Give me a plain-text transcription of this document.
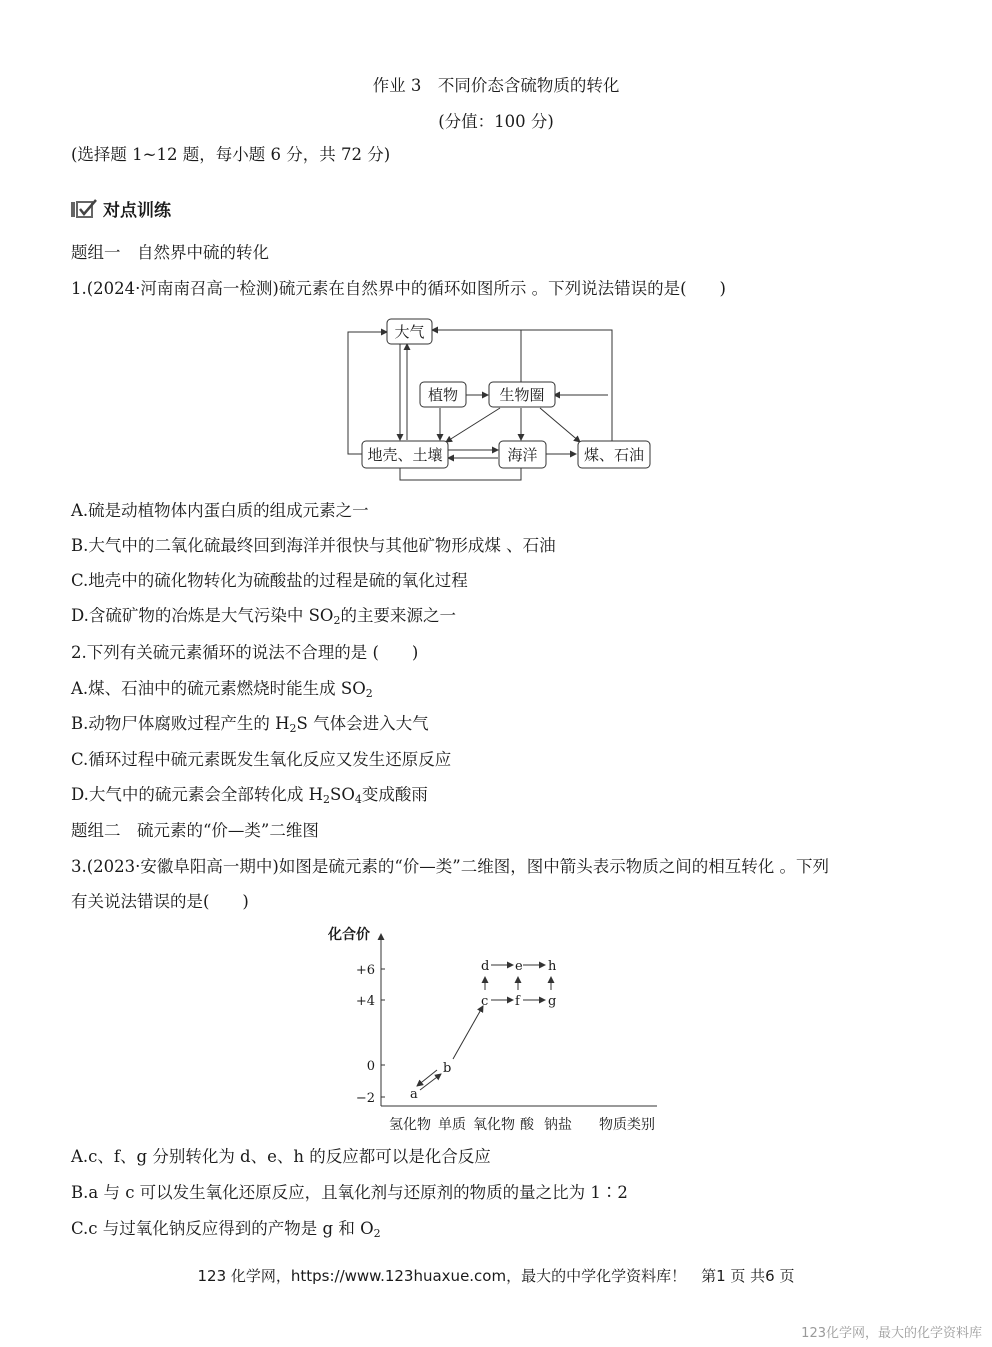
作业 3　不同价态含硫物质的转化
(分值：100 分)
(选择题 1~12 题，每小题 6 分，共 72 分)
对点训练
题组一　自然界中硫的转化
1.(2024·河南南召高一检测)硫元素在自然界中的循环如图所示 。下列说法错误的是(　　)
大气
植物	生物圈
地壳、土壤	海洋	煤、石油
A.硫是动植物体内蛋白质的组成元素之一
B.大气中的二氧化硫最终回到海洋并很快与其他矿物形成煤 、石油
C.地壳中的硫化物转化为硫酸盐的过程是硫的氧化过程
D.含硫矿物的冶炼是大气污染中 $SO_2$的主要来源之一
2.下列有关硫元素循环的说法不合理的是 (　　)
A.煤、石油中的硫元素燃烧时能生成 $SO_2$
B.动物尸体腐败过程产生的 $H_2S$ 气体会进入大气
C.循环过程中硫元素既发生氧化反应又发生还原反应
D.大气中的硫元素会全部转化成 $H_2SO_4$变成酸雨
题组二　硫元素的“价—类”二维图
3.(2023·安徽阜阳高一期中)如图是硫元素的“价—类”二维图，图中箭头表示物质之间的相互转化 。下列
有关说法错误的是(　　)
化合价
+6
+4
0
−2
氢化物 单质 氧化物 酸 钠盐 物质类别
a
b
c
d e
f g
h
A.c、f、g 分别转化为 d、e、h 的反应都可以是化合反应
B.a 与 c 可以发生氧化还原反应，且氧化剂与还原剂的物质的量之比为 1∶2
C.c 与过氧化钠反应得到的产物是 g 和 $O_2$
123 化学网，https://www.123huaxue.com，最大的中学化学资料库！　第1 页 共6 页
123化学网，最大的化学资料库
